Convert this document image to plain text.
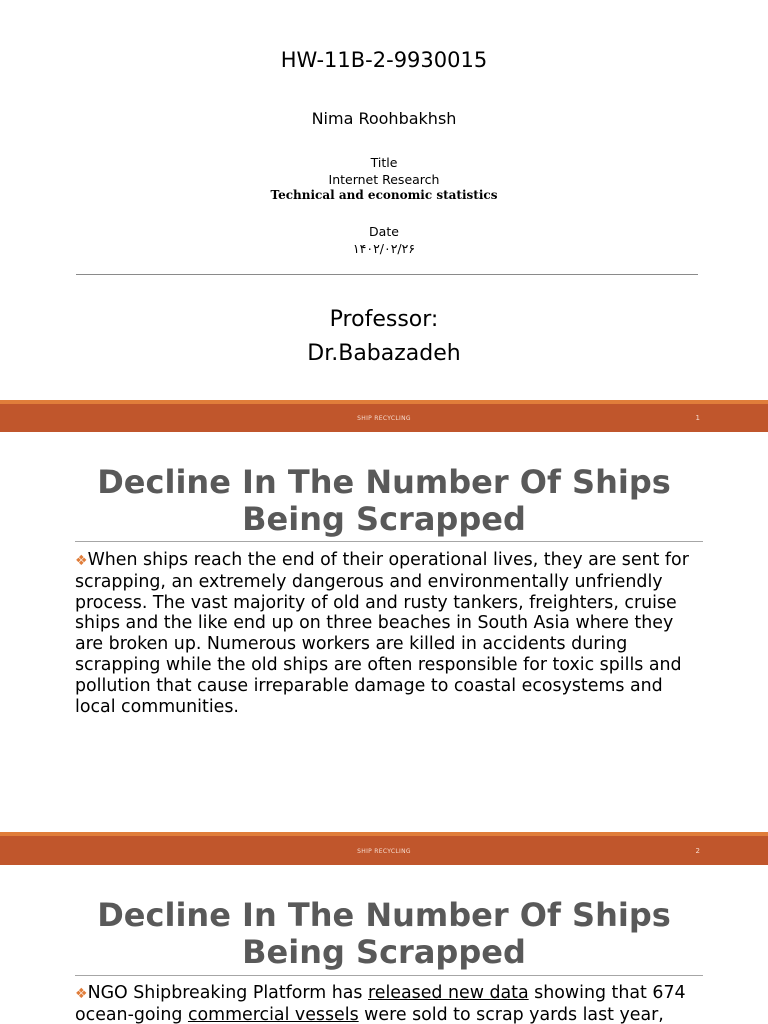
HW-11B-2-9930015
Nima Roohbakhsh
Title
Internet Research
Technical and economic statistics
Date
۱۴۰۲/۰۲/۲۶
Professor:
Dr.Babazadeh
SHIP RECYCLING	1
Decline In The Number Of Ships
Being Scrapped
❖When ships reach the end of their operational lives, they are sent for scrapping, an extremely dangerous and environmentally unfriendly process. The vast majority of old and rusty tankers, freighters, cruise ships and the like end up on three beaches in South Asia where they are broken up. Numerous workers are killed in accidents during scrapping while the old ships are often responsible for toxic spills and pollution that cause irreparable damage to coastal ecosystems and local communities.
SHIP RECYCLING	2
Decline In The Number Of Ships
Being Scrapped
❖NGO Shipbreaking Platform has released new data showing that 674 ocean-going commercial vessels were sold to scrap yards last year,
